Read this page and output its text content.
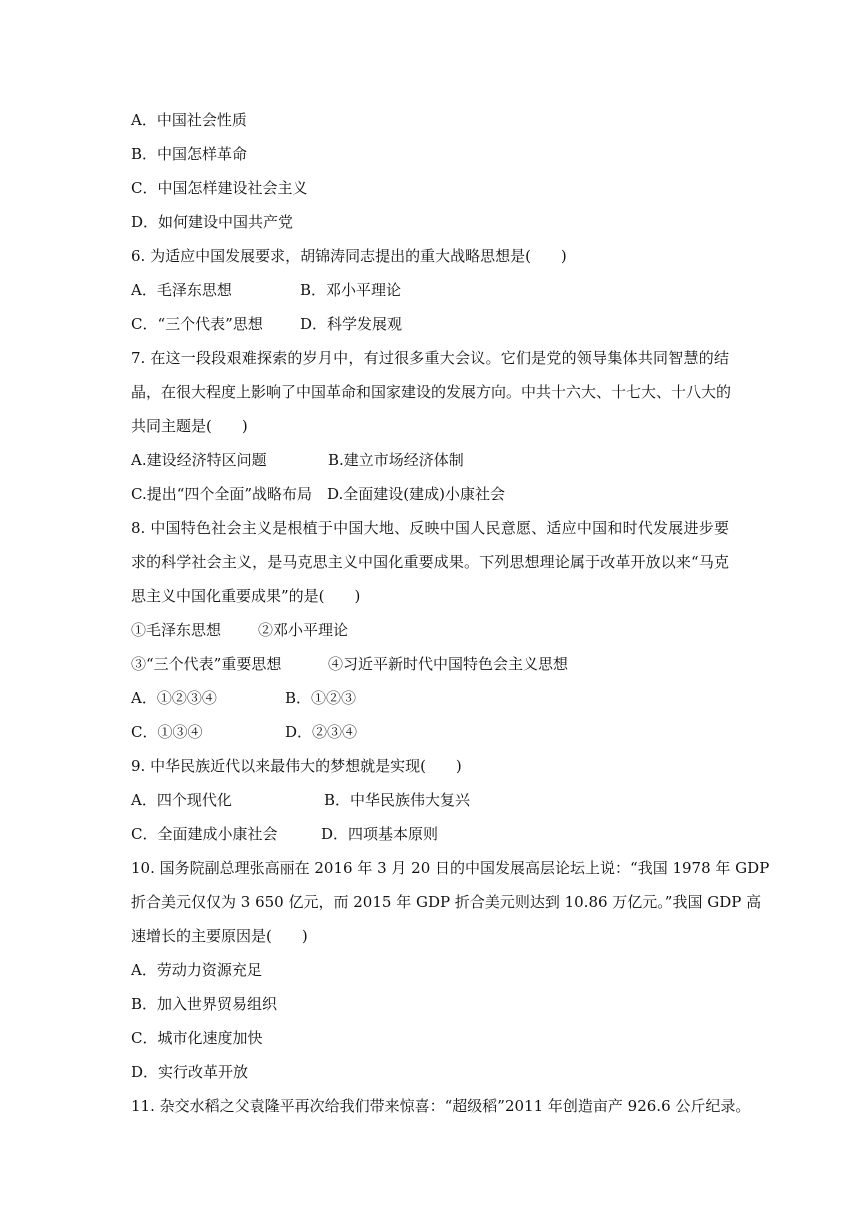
A．中国社会性质
B．中国怎样革命
C．中国怎样建设社会主义
D．如何建设中国共产党
6. 为适应中国发展要求，胡锦涛同志提出的重大战略思想是(　　)
A．毛泽东思想	B．邓小平理论
C．“三个代表”思想 D．科学发展观
7. 在这一段段艰难探索的岁月中，有过很多重大会议。它们是党的领导集体共同智慧的结
晶，在很大程度上影响了中国革命和国家建设的发展方向。中共十六大、十七大、十八大的
共同主题是(　　)
A.建设经济特区问题	B.建立市场经济体制
C.提出“四个全面”战略布局 D.全面建设(建成)小康社会
8. 中国特色社会主义是根植于中国大地、反映中国人民意愿、适应中国和时代发展进步要
求的科学社会主义，是马克思主义中国化重要成果。下列思想理论属于改革开放以来“马克
思主义中国化重要成果”的是(　　)
①毛泽东思想 ②邓小平理论
③“三个代表”重要思想	④习近平新时代中国特色会主义思想
A．①②③④	B．①②③
C．①③④	D．②③④
9. 中华民族近代以来最伟大的梦想就是实现(　　)
A．四个现代化	B．中华民族伟大复兴
C．全面建成小康社会	D．四项基本原则
10. 国务院副总理张高丽在 2016 年 3 月 20 日的中国发展高层论坛上说：“我国 1978 年 GDP
折合美元仅仅为 3 650 亿元，而 2015 年 GDP 折合美元则达到 10.86 万亿元。”我国 GDP 高
速增长的主要原因是(　　)
A．劳动力资源充足
B．加入世界贸易组织
C．城市化速度加快
D．实行改革开放
11. 杂交水稻之父袁隆平再次给我们带来惊喜：“超级稻”2011 年创造亩产 926.6 公斤纪录。
